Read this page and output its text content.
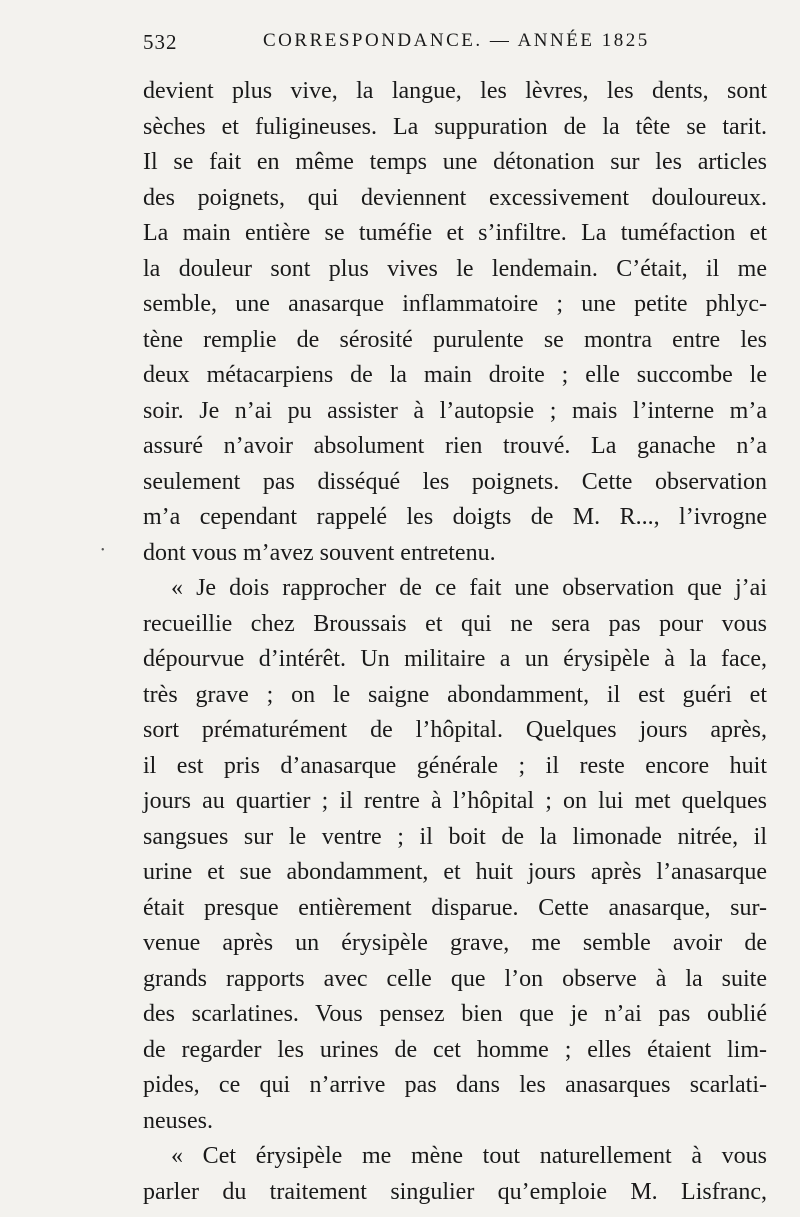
532	CORRESPONDANCE. — ANNÉE 1825
•
devient plus vive, la langue, les lèvres, les dents, sont
sèches et fuligineuses. La suppuration de la tête se tarit.
Il se fait en même temps une détonation sur les articles
des poignets, qui deviennent excessivement douloureux.
La main entière se tuméfie et s’infiltre. La tuméfaction et
la douleur sont plus vives le lendemain. C’était, il me
semble, une anasarque inflammatoire ; une petite phlyc-
tène remplie de sérosité purulente se montra entre les
deux métacarpiens de la main droite ; elle succombe le
soir. Je n’ai pu assister à l’autopsie ; mais l’interne m’a
assuré n’avoir absolument rien trouvé. La ganache n’a
seulement pas disséqué les poignets. Cette observation
m’a cependant rappelé les doigts de M. R..., l’ivrogne
dont vous m’avez souvent entretenu.
« Je dois rapprocher de ce fait une observation que j’ai
recueillie chez Broussais et qui ne sera pas pour vous
dépourvue d’intérêt. Un militaire a un érysipèle à la face,
très grave ; on le saigne abondamment, il est guéri et
sort prématurément de l’hôpital. Quelques jours après,
il est pris d’anasarque générale ; il reste encore huit
jours au quartier ; il rentre à l’hôpital ; on lui met quelques
sangsues sur le ventre ; il boit de la limonade nitrée, il
urine et sue abondamment, et huit jours après l’anasarque
était presque entièrement disparue. Cette anasarque, sur-
venue après un érysipèle grave, me semble avoir de
grands rapports avec celle que l’on observe à la suite
des scarlatines. Vous pensez bien que je n’ai pas oublié
de regarder les urines de cet homme ; elles étaient lim-
pides, ce qui n’arrive pas dans les anasarques scarlati-
neuses.
« Cet érysipèle me mène tout naturellement à vous
parler du traitement singulier qu’emploie M. Lisfranc,
